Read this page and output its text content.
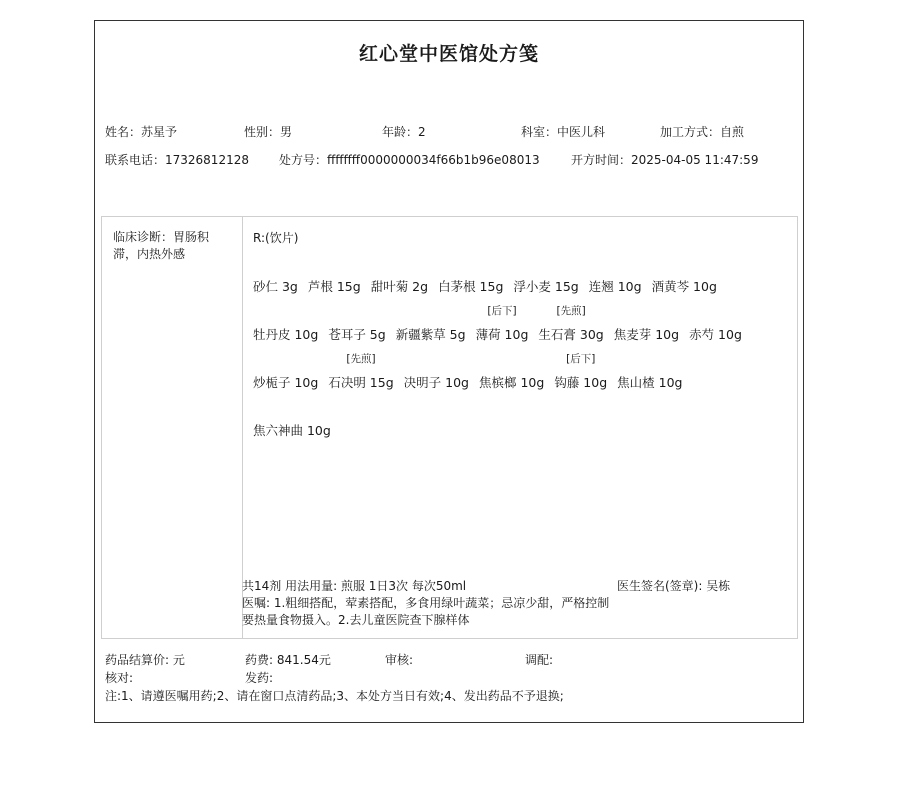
红心堂中医馆处方笺
姓名：苏星予	性别：男	年龄：2	科室：中医儿科	加工方式：自煎
联系电话：17326812128	处方号：ffffffff0000000034f66b1b96e08013	开方时间：2025-04-05 11:47:59
临床诊断：胃肠积滞，内热外感
R:(饮片)
砂仁 3g 芦根 15g 甜叶菊 2g 白茅根 15g 浮小麦 15g 连翘 10g 酒黄芩 10g
牡丹皮 10g 苍耳子 5g 新疆紫草 5g 薄荷 10g
[后下]
生石膏 30g
[先煎]
焦麦芽 10g 赤芍 10g
炒栀子 10g 石决明 15g
[先煎]
决明子 10g 焦槟榔 10g 钩藤 10g
[后下]
焦山楂 10g
焦六神曲 10g
共14剂 用法用量: 煎服 1日3次 每次50ml	医生签名(签章): 吴栋
医嘱: 1.粗细搭配，荤素搭配，多食用绿叶蔬菜；忌凉少甜，严格控制要热量食物摄入。2.去儿童医院查下腺样体
药品结算价: 元	药费: 841.54元	审核:	调配:
核对:	发药:
注:1、请遵医嘱用药;2、请在窗口点清药品;3、本处方当日有效;4、发出药品不予退换;
